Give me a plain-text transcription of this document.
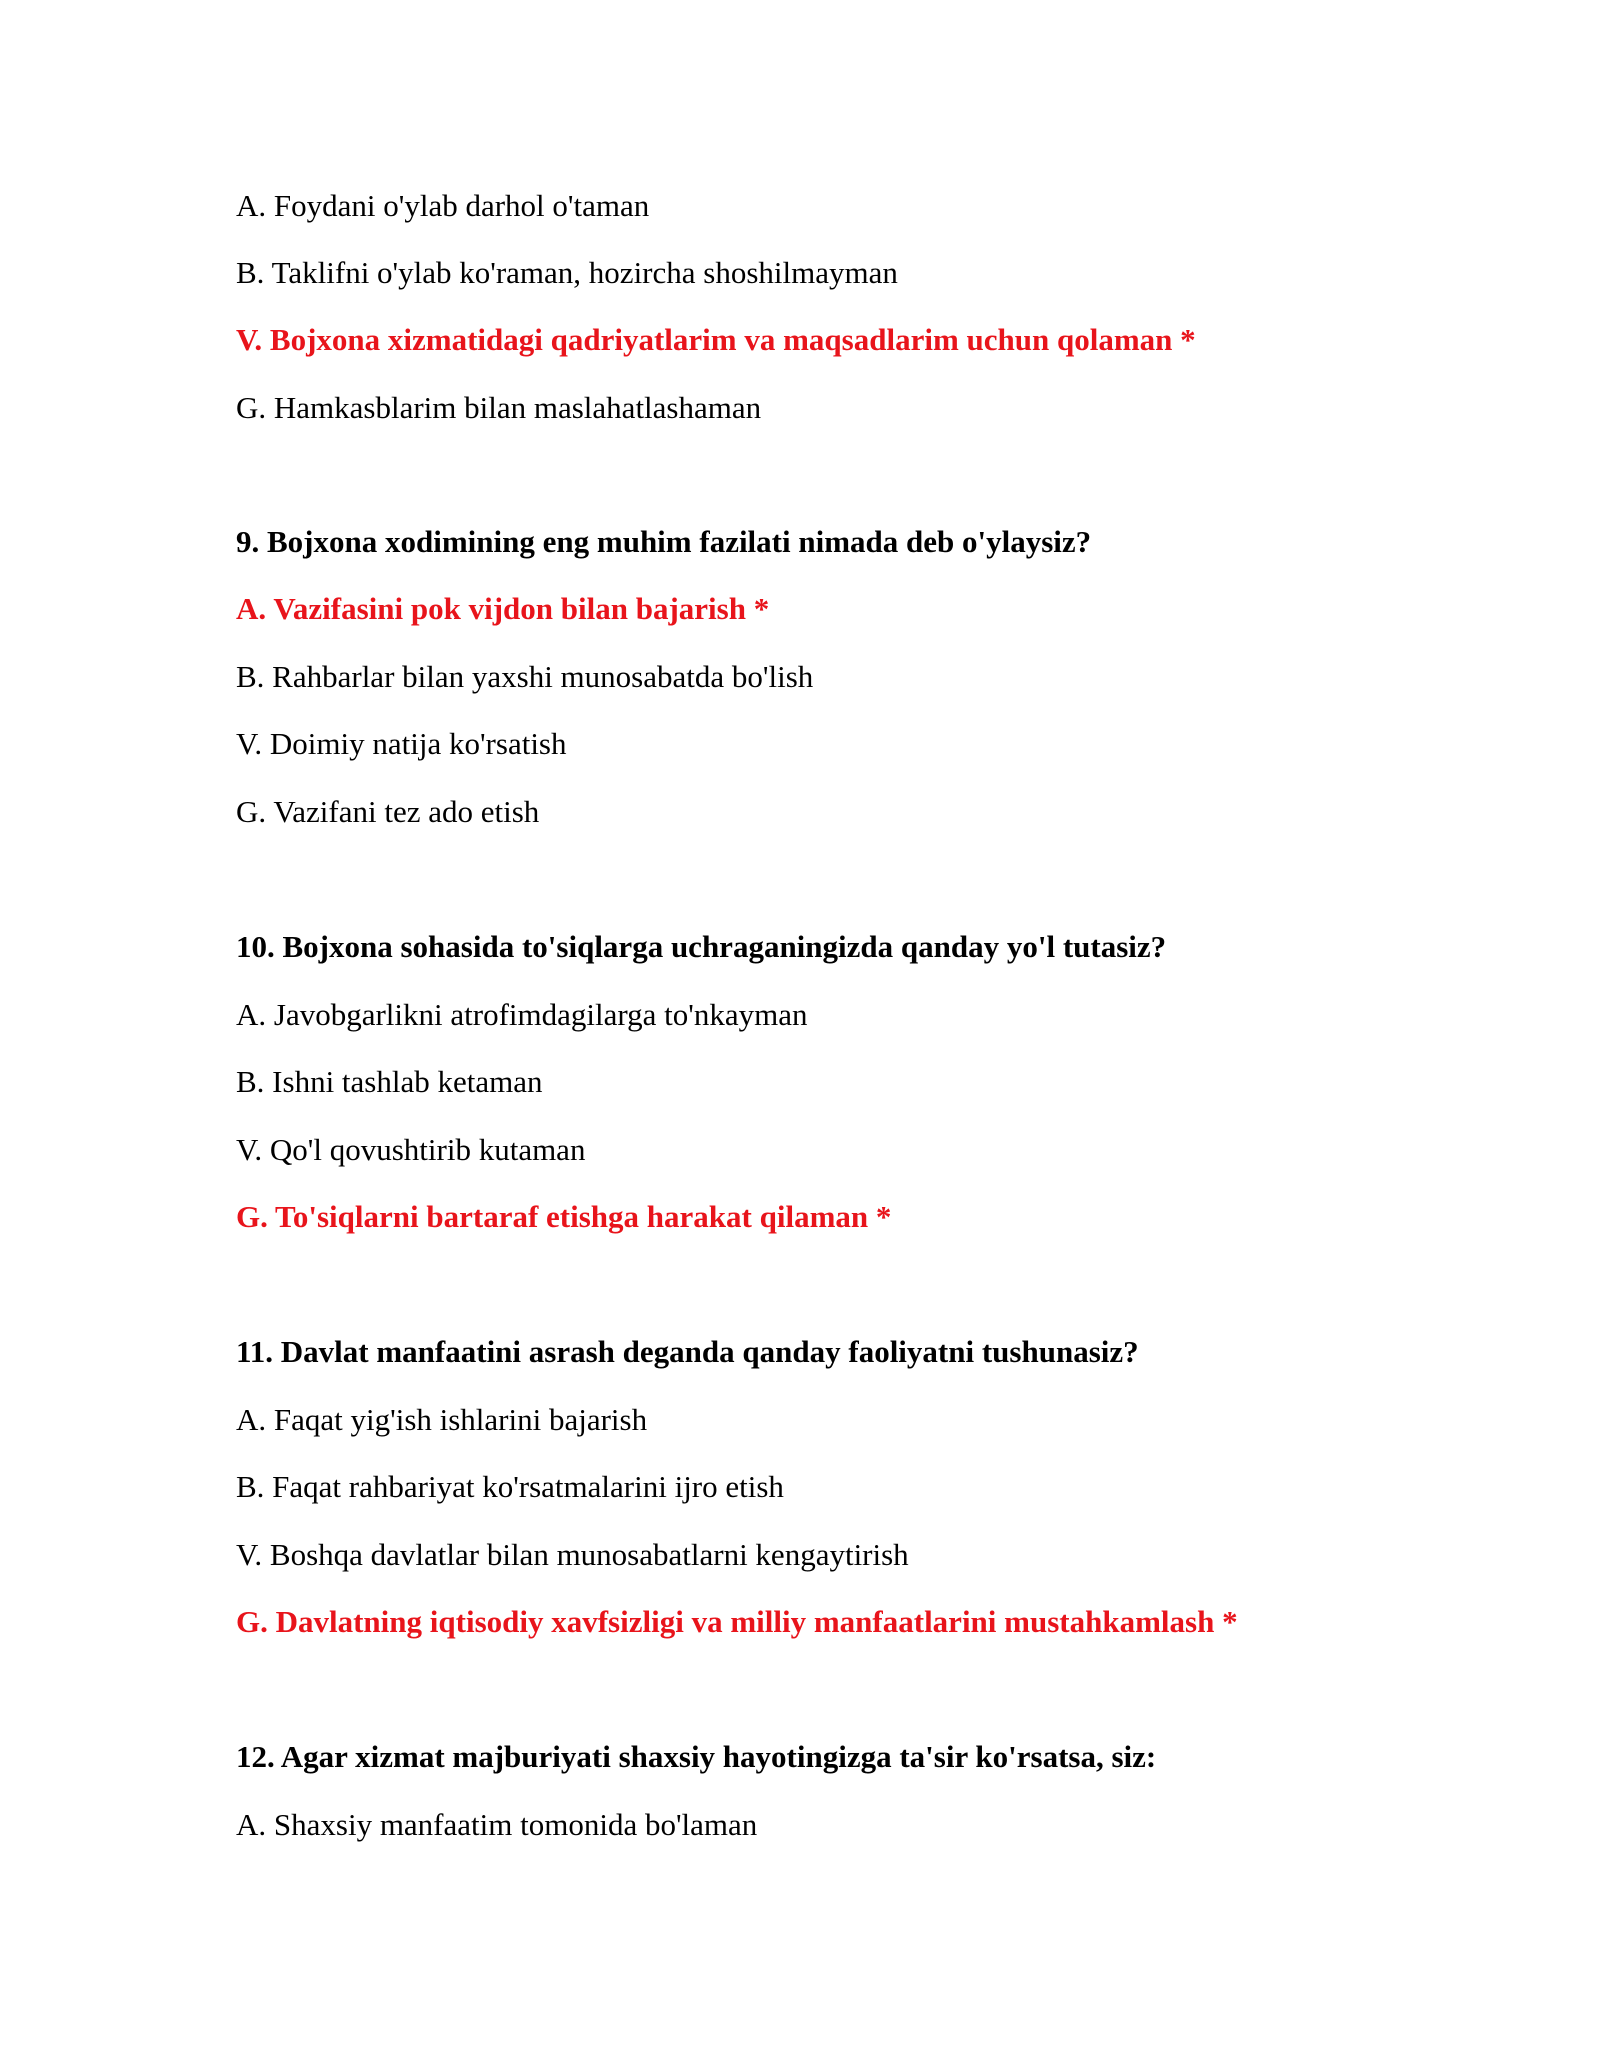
A. Foydani o'ylab darhol o'taman
B. Taklifni o'ylab ko'raman, hozircha shoshilmayman
V. Bojxona xizmatidagi qadriyatlarim va maqsadlarim uchun qolaman *
G. Hamkasblarim bilan maslahatlashaman
9. Bojxona xodimining eng muhim fazilati nimada deb o'ylaysiz?
A. Vazifasini pok vijdon bilan bajarish *
B. Rahbarlar bilan yaxshi munosabatda bo'lish
V. Doimiy natija ko'rsatish
G. Vazifani tez ado etish
10. Bojxona sohasida to'siqlarga uchraganingizda qanday yo'l tutasiz?
A. Javobgarlikni atrofimdagilarga to'nkayman
B. Ishni tashlab ketaman
V. Qo'l qovushtirib kutaman
G. To'siqlarni bartaraf etishga harakat qilaman *
11. Davlat manfaatini asrash deganda qanday faoliyatni tushunasiz?
A. Faqat yig'ish ishlarini bajarish
B. Faqat rahbariyat ko'rsatmalarini ijro etish
V. Boshqa davlatlar bilan munosabatlarni kengaytirish
G. Davlatning iqtisodiy xavfsizligi va milliy manfaatlarini mustahkamlash *
12. Agar xizmat majburiyati shaxsiy hayotingizga ta'sir ko'rsatsa, siz:
A. Shaxsiy manfaatim tomonida bo'laman
